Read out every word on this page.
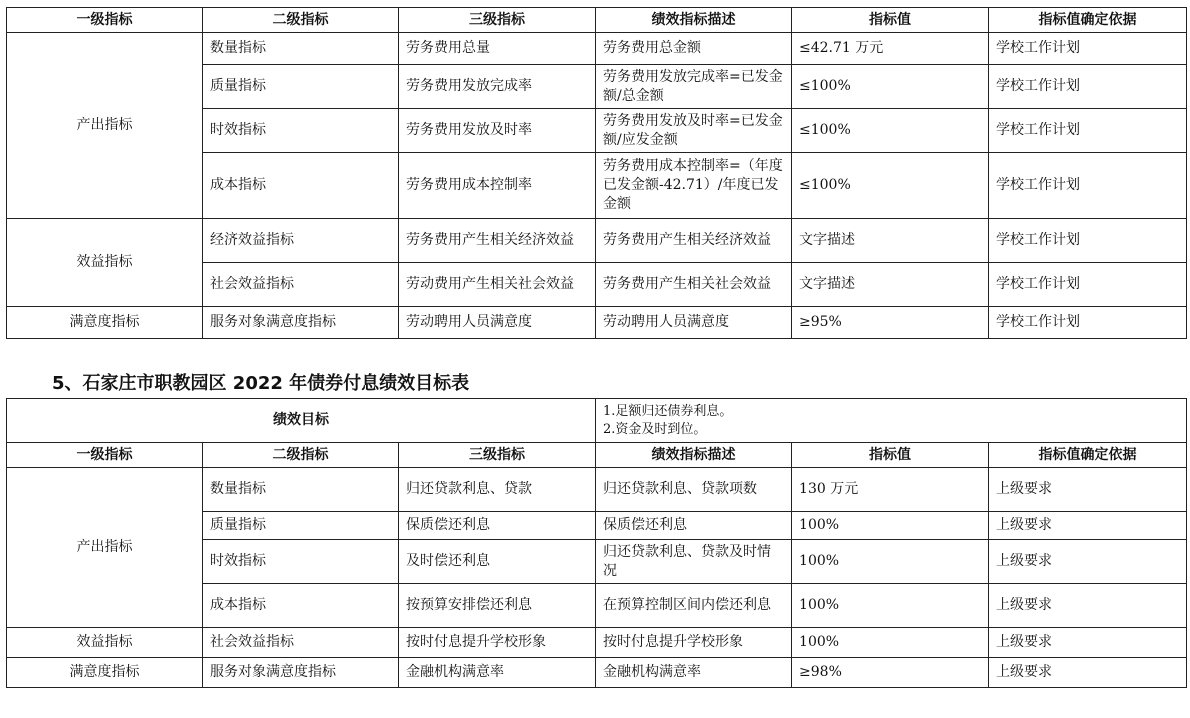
一级指标	二级指标	三级指标	绩效指标描述	指标值	指标值确定依据
产出指标	数量指标	劳务费用总量	劳务费用总金额	≤42.71 万元	学校工作计划
	质量指标	劳务费用发放完成率	劳务费用发放完成率=已发金额/总金额	≤100%	学校工作计划
	时效指标	劳务费用发放及时率	劳务费用发放及时率=已发金额/应发金额	≤100%	学校工作计划
	成本指标	劳务费用成本控制率	劳务费用成本控制率=（年度已发金额-42.71）/年度已发金额	≤100%	学校工作计划
效益指标	经济效益指标	劳务费用产生相关经济效益	劳务费用产生相关经济效益	文字描述	学校工作计划
	社会效益指标	劳动费用产生相关社会效益	劳务费用产生相关社会效益	文字描述	学校工作计划
满意度指标	服务对象满意度指标	劳动聘用人员满意度	劳动聘用人员满意度	≥95%	学校工作计划
5、石家庄市职教园区 2022 年债券付息绩效目标表
绩效目标			1.足额归还债券利息。
2.资金及时到位。		

一级指标	二级指标	三级指标	绩效指标描述	指标值	指标值确定依据
产出指标	数量指标	归还贷款利息、贷款	归还贷款利息、贷款项数	130 万元	上级要求
	质量指标	保质偿还利息	保质偿还利息	100%	上级要求
	时效指标	及时偿还利息	归还贷款利息、贷款及时情况	100%	上级要求
	成本指标	按预算安排偿还利息	在预算控制区间内偿还利息	100%	上级要求
效益指标	社会效益指标	按时付息提升学校形象	按时付息提升学校形象	100%	上级要求
满意度指标	服务对象满意度指标	金融机构满意率	金融机构满意率	≥98%	上级要求
